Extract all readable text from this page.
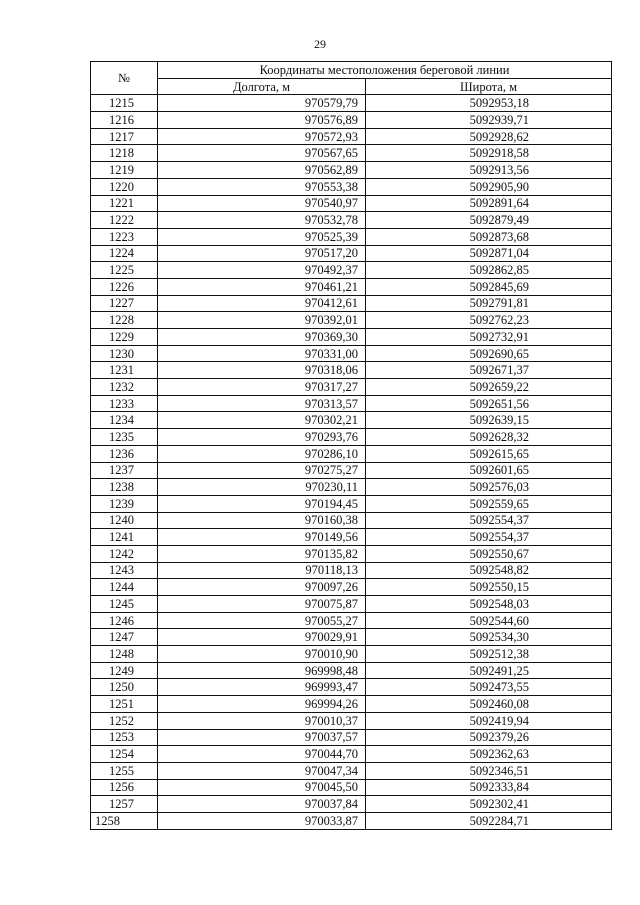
29
№	Координаты местоположения береговой линии	
	Долгота, м	Широта, м
1215	970579,79	5092953,18
1216	970576,89	5092939,71
1217	970572,93	5092928,62
1218	970567,65	5092918,58
1219	970562,89	5092913,56
1220	970553,38	5092905,90
1221	970540,97	5092891,64
1222	970532,78	5092879,49
1223	970525,39	5092873,68
1224	970517,20	5092871,04
1225	970492,37	5092862,85
1226	970461,21	5092845,69
1227	970412,61	5092791,81
1228	970392,01	5092762,23
1229	970369,30	5092732,91
1230	970331,00	5092690,65
1231	970318,06	5092671,37
1232	970317,27	5092659,22
1233	970313,57	5092651,56
1234	970302,21	5092639,15
1235	970293,76	5092628,32
1236	970286,10	5092615,65
1237	970275,27	5092601,65
1238	970230,11	5092576,03
1239	970194,45	5092559,65
1240	970160,38	5092554,37
1241	970149,56	5092554,37
1242	970135,82	5092550,67
1243	970118,13	5092548,82
1244	970097,26	5092550,15
1245	970075,87	5092548,03
1246	970055,27	5092544,60
1247	970029,91	5092534,30
1248	970010,90	5092512,38
1249	969998,48	5092491,25
1250	969993,47	5092473,55
1251	969994,26	5092460,08
1252	970010,37	5092419,94
1253	970037,57	5092379,26
1254	970044,70	5092362,63
1255	970047,34	5092346,51
1256	970045,50	5092333,84
1257	970037,84	5092302,41
1258	970033,87	5092284,71
